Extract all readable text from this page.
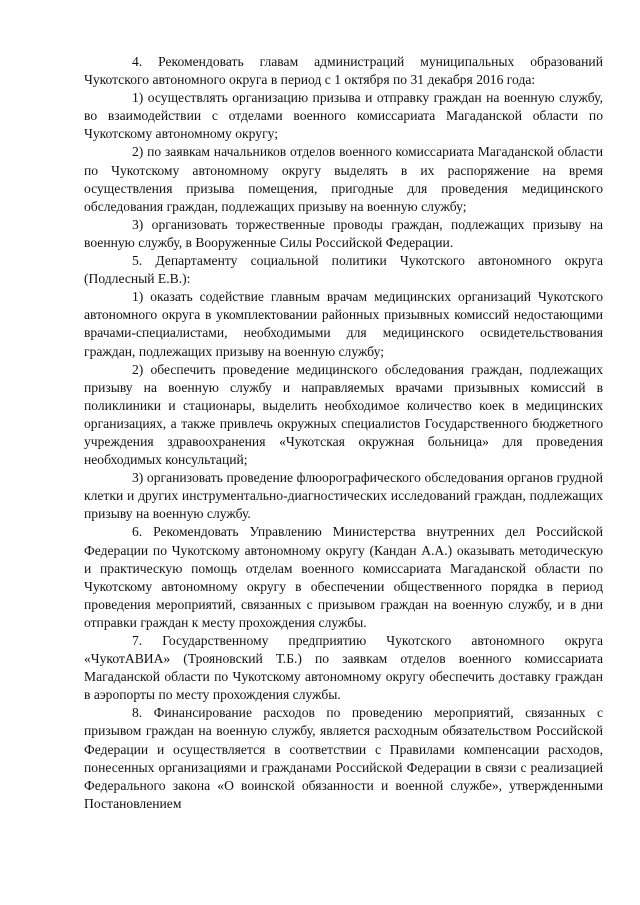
4. Рекомендовать главам администраций муниципальных образований Чукотского автономного округа в период с 1 октября по 31 декабря 2016 года:

1) осуществлять организацию призыва и отправку граждан на военную службу, во взаимодействии с отделами военного комиссариата Магаданской области по Чукотскому автономному округу;

2) по заявкам начальников отделов военного комиссариата Магаданской области по Чукотскому автономному округу выделять в их распоряжение на время осуществления призыва помещения, пригодные для проведения медицинского обследования граждан, подлежащих призыву на военную службу;

3) организовать торжественные проводы граждан, подлежащих призыву на военную службу, в Вооруженные Силы Российской Федерации.

5. Департаменту социальной политики Чукотского автономного округа (Подлесный Е.В.):

1) оказать содействие главным врачам медицинских организаций Чукотского автономного округа в укомплектовании районных призывных комиссий недостающими врачами-специалистами, необходимыми для медицинского освидетельствования граждан, подлежащих призыву на военную службу;

2) обеспечить проведение медицинского обследования граждан, подлежащих призыву на военную службу и направляемых врачами призывных комиссий в поликлиники и стационары, выделить необходимое количество коек в медицинских организациях, а также привлечь окружных специалистов Государственного бюджетного учреждения здравоохранения «Чукотская окружная больница» для проведения необходимых консультаций;

3) организовать проведение флюорографического обследования органов грудной клетки и других инструментально-диагностических исследований граждан, подлежащих призыву на военную службу.

6. Рекомендовать Управлению Министерства внутренних дел Российской Федерации по Чукотскому автономному округу (Кандан А.А.) оказывать методическую и практическую помощь отделам военного комиссариата Магаданской области по Чукотскому автономному округу в обеспечении общественного порядка в период проведения мероприятий, связанных с призывом граждан на военную службу, и в дни отправки граждан к месту прохождения службы.

7. Государственному предприятию Чукотского автономного округа «ЧукотАВИА» (Трояновский Т.Б.) по заявкам отделов военного комиссариата Магаданской области по Чукотскому автономному округу обеспечить доставку граждан в аэропорты по месту прохождения службы.

8. Финансирование расходов по проведению мероприятий, связанных с призывом граждан на военную службу, является расходным обязательством Российской Федерации и осуществляется в соответствии с Правилами компенсации расходов, понесенных организациями и гражданами Российской Федерации в связи с реализацией Федерального закона «О воинской обязанности и военной службе», утвержденными Постановлением
